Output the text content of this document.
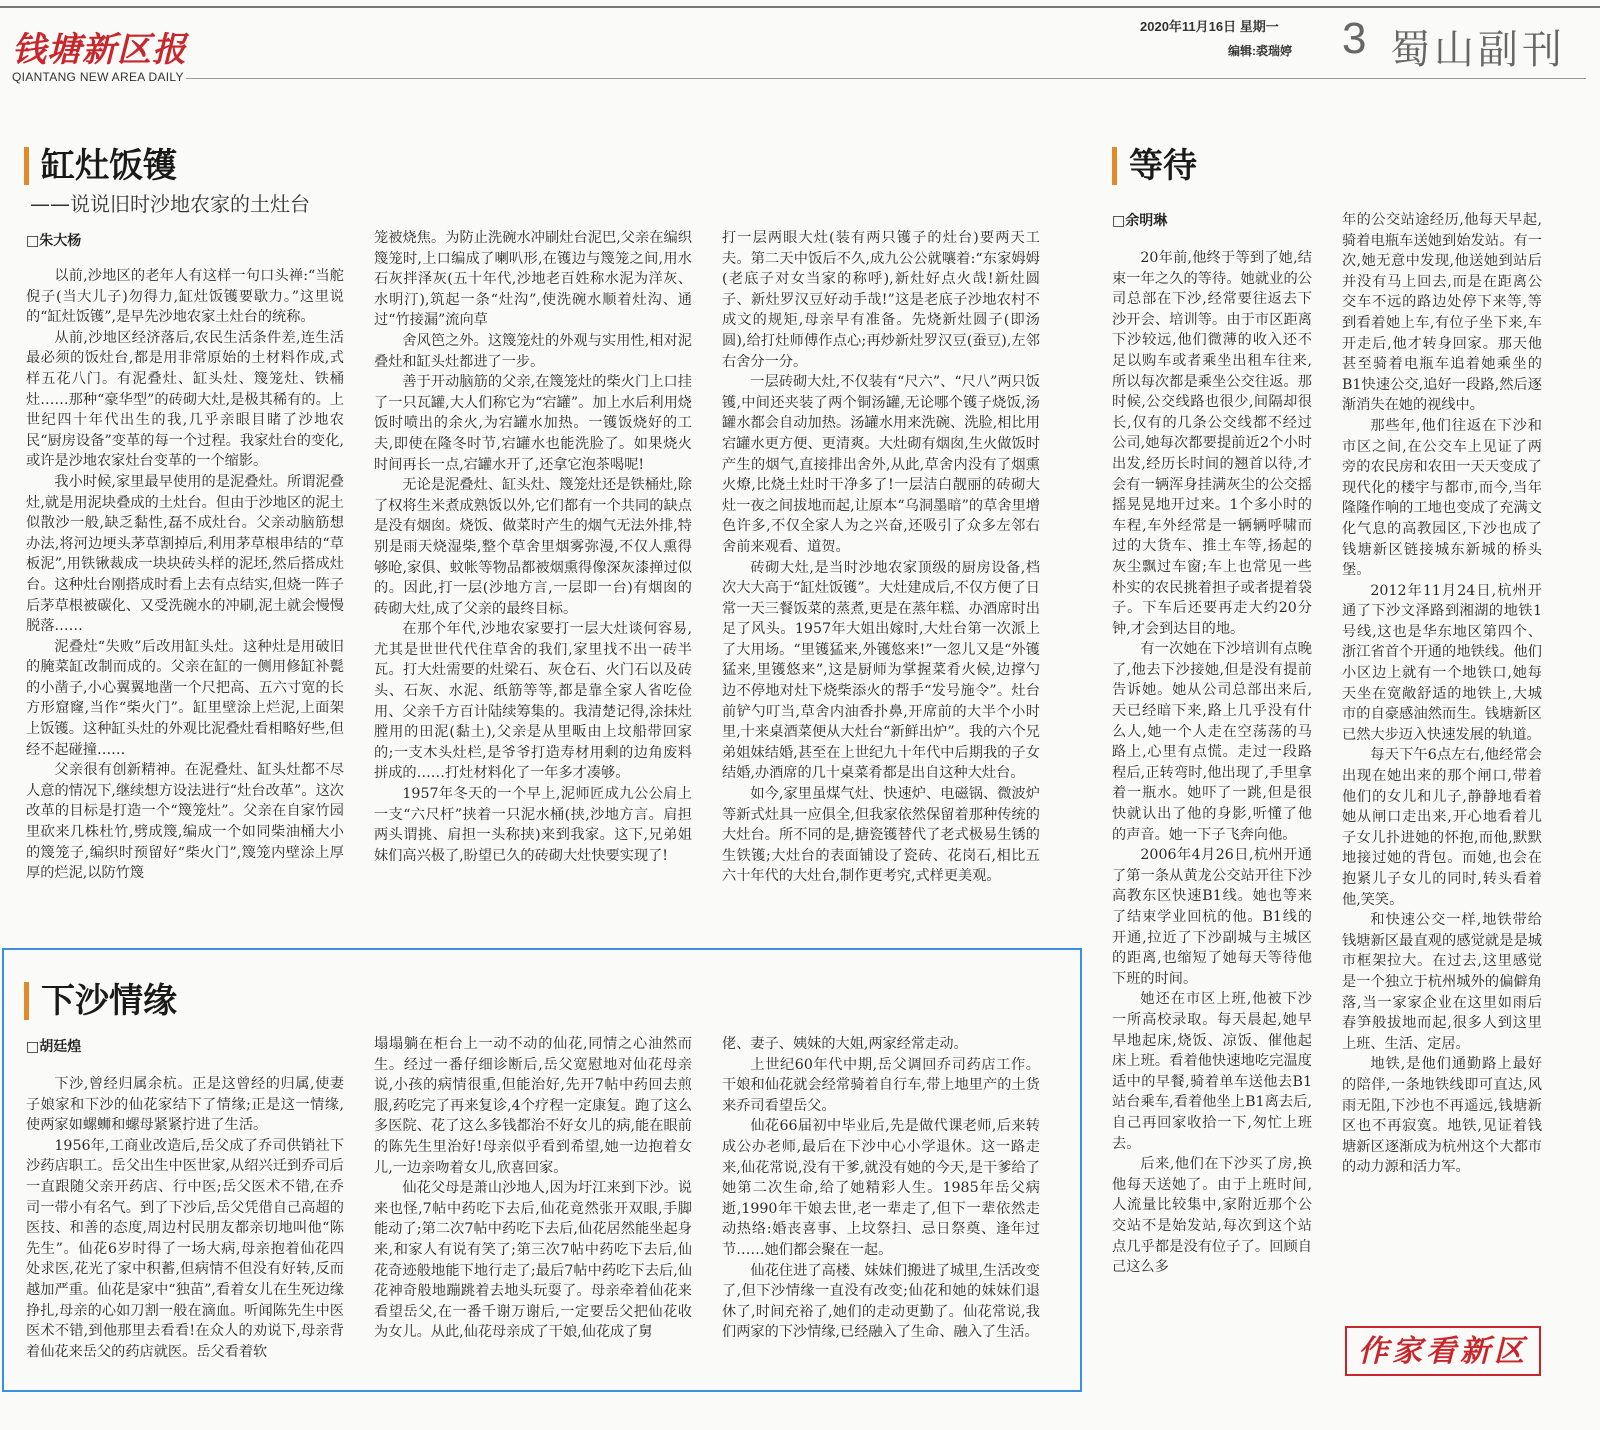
钱塘新区报
QIANTANG NEW AREA DAILY
2020年11月16日 星期一
编辑:裘瑞婷 3 蜀山副刊
缸灶饭镬
——说说旧时沙地农家的土灶台
□朱大杨

以前,沙地区的老年人有这样一句口头禅:“当舵倪子(当大儿子)勿得力,缸灶饭镬要歇力。”这里说的“缸灶饭镬”,是早先沙地农家土灶台的统称。

从前,沙地区经济落后,农民生活条件差,连生活最必须的饭灶台,都是用非常原始的土材料作成,式样五花八门。有泥叠灶、缸头灶、篾笼灶、铁桶灶……那种“豪华型”的砖砌大灶,是极其稀有的。上世纪四十年代出生的我,几乎亲眼目睹了沙地农民“厨房设备”变革的每一个过程。我家灶台的变化,或许是沙地农家灶台变革的一个缩影。

我小时候,家里最早使用的是泥叠灶。所谓泥叠灶,就是用泥块叠成的土灶台。但由于沙地区的泥土似散沙一般,缺乏黏性,磊不成灶台。父亲动脑筋想办法,将河边埂头茅草割掉后,利用茅草根串结的“草板泥”,用铁锹裁成一块块砖头样的泥坯,然后搭成灶台。这种灶台刚搭成时看上去有点结实,但烧一阵子后茅草根被碳化、又受洗碗水的冲刷,泥土就会慢慢脱落……

泥叠灶“失败”后改用缸头灶。这种灶是用破旧的腌菜缸改制而成的。父亲在缸的一侧用修缸补甏的小凿子,小心翼翼地凿一个尺把高、五六寸宽的长方形窟窿,当作“柴火门”。缸里壁涂上烂泥,上面架上饭镬。这种缸头灶的外观比泥叠灶看相略好些,但经不起碰撞……

父亲很有创新精神。在泥叠灶、缸头灶都不尽人意的情况下,继续想方设法进行“灶台改革”。这次改革的目标是打造一个“篾笼灶”。父亲在自家竹园里砍来几株杜竹,劈成篾,编成一个如同柴油桶大小的篾笼子,编织时预留好“柴火门”,篾笼内壁涂上厚厚的烂泥,以防竹篾

笼被烧焦。为防止洗碗水冲刷灶台泥巴,父亲在编织篾笼时,上口编成了喇叭形,在镬边与篾笼之间,用水石灰拌泽灰(五十年代,沙地老百姓称水泥为洋灰、水明汀),筑起一条“灶沟”,使洗碗水顺着灶沟、通过“竹接漏”流向草

舍风笆之外。这篾笼灶的外观与实用性,相对泥叠灶和缸头灶都进了一步。

善于开动脑筋的父亲,在篾笼灶的柴火门上口挂了一只瓦罐,大人们称它为“宕罐”。加上水后利用烧饭时喷出的余火,为宕罐水加热。一镬饭烧好的工夫,即使在隆冬时节,宕罐水也能洗脸了。如果烧火时间再长一点,宕罐水开了,还拿它泡茶喝呢!

无论是泥叠灶、缸头灶、篾笼灶还是铁桶灶,除了权将生米煮成熟饭以外,它们都有一个共同的缺点是没有烟囱。烧饭、做菜时产生的烟气无法外排,特别是雨天烧湿柴,整个草舍里烟雾弥漫,不仅人熏得够呛,家俱、蚊帐等物品都被烟熏得像深灰漆掸过似的。因此,打一层(沙地方言,一层即一台)有烟囱的砖砌大灶,成了父亲的最终目标。

在那个年代,沙地农家要打一层大灶谈何容易,尤其是世世代代住草舍的我们,家里找不出一砖半瓦。打大灶需要的灶梁石、灰仓石、火门石以及砖头、石灰、水泥、纸筋等等,都是靠全家人省吃俭用、父亲千方百计陆续筹集的。我清楚记得,涂抹灶膛用的田泥(黏土),父亲是从里畈由上坟船带回家的;一支木头灶栏,是爷爷打造寿材用剩的边角废料拼成的……打灶材料化了一年多才凑够。

1957年冬天的一个早上,泥师匠成九公公肩上一支“六尺杆”挟着一只泥水桶(挟,沙地方言。肩担两头谓挑、肩担一头称挟)来到我家。这下,兄弟姐妹们高兴极了,盼望已久的砖砌大灶快要实现了!

打一层两眼大灶(装有两只镬子的灶台)要两天工夫。第二天中饭后不久,成九公公就嚷着:“东家姆姆(老底子对女当家的称呼),新灶好点火哉!新灶圆子、新灶罗汉豆好动手哉!”这是老底子沙地农村不成文的规矩,母亲早有准备。先烧新灶圆子(即汤圆),给打灶师傅作点心;再炒新灶罗汉豆(蚕豆),左邻右舍分一分。

一层砖砌大灶,不仅装有“尺六”、“尺八”两只饭镬,中间还夹装了两个铜汤罐,无论哪个镬子烧饭,汤罐水都会自动加热。汤罐水用来洗碗、洗脸,相比用宕罐水更方便、更清爽。大灶砌有烟囱,生火做饭时产生的烟气,直接排出舍外,从此,草舍内没有了烟熏火燎,比烧土灶时干净多了!一层洁白靓丽的砖砌大灶一夜之间拔地而起,让原本“乌洞墨暗”的草舍里增色许多,不仅全家人为之兴奋,还吸引了众多左邻右舍前来观看、道贺。

砖砌大灶,是当时沙地农家顶级的厨房设备,档次大大高于“缸灶饭镬”。大灶建成后,不仅方便了日常一天三餐饭菜的蒸煮,更是在蒸年糕、办酒席时出足了风头。1957年大姐出嫁时,大灶台第一次派上了大用场。“里镬猛来,外镬悠来!”一忽儿又是“外镬猛来,里镬悠来”,这是厨师为掌握菜肴火候,边撑勺边不停地对灶下烧柴添火的帮手“发号施令”。灶台前铲勺叮当,草舍内油香扑鼻,开席前的大半个小时里,十来桌酒菜便从大灶台“新鲜出炉”。我的六个兄弟姐妹结婚,甚至在上世纪九十年代中后期我的子女结婚,办酒席的几十桌菜肴都是出自这种大灶台。

如今,家里虽煤气灶、快速炉、电磁锅、微波炉等新式灶具一应俱全,但我家依然保留着那种传统的大灶台。所不同的是,搪瓷镬替代了老式极易生锈的生铁镬;大灶台的表面铺设了瓷砖、花岗石,相比五六十年代的大灶台,制作更考究,式样更美观。

下沙情缘
□胡廷煌

下沙,曾经归属余杭。正是这曾经的归属,使妻子娘家和下沙的仙花家结下了情缘;正是这一情缘,使两家如螺蛳和螺母紧紧拧进了生活。

1956年,工商业改造后,岳父成了乔司供销社下沙药店职工。岳父出生中医世家,从绍兴迁到乔司后一直跟随父亲开药店、行中医;岳父医术不错,在乔司一带小有名气。到了下沙后,岳父凭借自己高超的医技、和善的态度,周边村民朋友都亲切地叫他“陈先生”。仙花6岁时得了一场大病,母亲抱着仙花四处求医,花光了家中积蓄,但病情不但没有好转,反而越加严重。仙花是家中“独苗”,看着女儿在生死边缘挣扎,母亲的心如刀割一般在滴血。听闻陈先生中医医术不错,到他那里去看看!在众人的劝说下,母亲背着仙花来岳父的药店就医。岳父看着软

塌塌躺在柜台上一动不动的仙花,同情之心油然而生。经过一番仔细诊断后,岳父宽慰地对仙花母亲说,小孩的病情很重,但能治好,先开7帖中药回去煎服,药吃完了再来复诊,4个疗程一定康复。跑了这么多医院、花了这么多钱都治不好女儿的病,能在眼前的陈先生里治好!母亲似乎看到希望,她一边抱着女儿,一边亲吻着女儿,欣喜回家。

仙花父母是萧山沙地人,因为圩江来到下沙。说来也怪,7帖中药吃下去后,仙花竟然张开双眼,手脚能动了;第二次7帖中药吃下去后,仙花居然能坐起身来,和家人有说有笑了;第三次7帖中药吃下去后,仙花奇迹般地能下地行走了;最后7帖中药吃下去后,仙花神奇般地蹦跳着去地头玩耍了。母亲牵着仙花来看望岳父,在一番千谢万谢后,一定要岳父把仙花收为女儿。从此,仙花母亲成了干娘,仙花成了舅

佬、妻子、姨妹的大姐,两家经常走动。

上世纪60年代中期,岳父调回乔司药店工作。干娘和仙花就会经常骑着自行车,带上地里产的土货来乔司看望岳父。

仙花66届初中毕业后,先是做代课老师,后来转成公办老师,最后在下沙中心小学退休。这一路走来,仙花常说,没有干爹,就没有她的今天,是干爹给了她第二次生命,给了她精彩人生。1985年岳父病逝,1990年干娘去世,老一辈走了,但下一辈依然走动热络:婚丧喜事、上坟祭扫、忌日祭奠、逢年过节……她们都会聚在一起。

仙花住进了高楼、妹妹们搬进了城里,生活改变了,但下沙情缘一直没有改变;仙花和她的妹妹们退休了,时间充裕了,她们的走动更勤了。仙花常说,我们两家的下沙情缘,已经融入了生命、融入了生活。

等待
□余明琳

20年前,他终于等到了她,结束一年之久的等待。她就业的公司总部在下沙,经常要往返去下沙开会、培训等。由于市区距离下沙较远,他们微薄的收入还不足以购车或者乘坐出租车往来,所以每次都是乘坐公交往返。那时候,公交线路也很少,间隔却很长,仅有的几条公交线都不经过公司,她每次都要提前近2个小时出发,经历长时间的翘首以待,才会有一辆浑身挂满灰尘的公交摇摇晃晃地开过来。1个多小时的车程,车外经常是一辆辆呼啸而过的大货车、推土车等,扬起的灰尘飘过车窗;车上也常见一些朴实的农民挑着担子或者提着袋子。下车后还要再走大约20分钟,才会到达目的地。

有一次她在下沙培训有点晚了,他去下沙接她,但是没有提前告诉她。她从公司总部出来后,天已经暗下来,路上几乎没有什么人,她一个人走在空荡荡的马路上,心里有点慌。走过一段路程后,正转弯时,他出现了,手里拿着一瓶水。她吓了一跳,但是很快就认出了他的身影,听懂了他的声音。她一下子飞奔向他。

2006年4月26日,杭州开通了第一条从黄龙公交站开往下沙高教东区快速B1线。她也等来了结束学业回杭的他。B1线的开通,拉近了下沙副城与主城区的距离,也缩短了她每天等待他下班的时间。

她还在市区上班,他被下沙一所高校录取。每天晨起,她早早地起床,烧饭、凉饭、催他起床上班。看着他快速地吃完温度适中的早餐,骑着单车送他去B1站台乘车,看着他坐上B1离去后,自己再回家收拾一下,匆忙上班去。

后来,他们在下沙买了房,换他每天送她了。由于上班时间,人流量比较集中,家附近那个公交站不是始发站,每次到这个站点几乎都是没有位子了。回顾自己这么多

年的公交站途经历,他每天早起,骑着电瓶车送她到始发站。有一次,她无意中发现,他送她到站后并没有马上回去,而是在距离公交车不远的路边处停下来等,等到看着她上车,有位子坐下来,车开走后,他才转身回家。那天他甚至骑着电瓶车追着她乘坐的B1快速公交,追好一段路,然后逐渐消失在她的视线中。

那些年,他们往返在下沙和市区之间,在公交车上见证了两旁的农民房和农田一天天变成了现代化的楼宇与都市,而今,当年隆隆作响的工地也变成了充满文化气息的高教园区,下沙也成了钱塘新区链接城东新城的桥头堡。

2012年11月24日,杭州开通了下沙文泽路到湘湖的地铁1号线,这也是华东地区第四个、浙江省首个开通的地铁线。他们小区边上就有一个地铁口,她每天坐在宽敞舒适的地铁上,大城市的自豪感油然而生。钱塘新区已然大步迈入快速发展的轨道。

每天下午6点左右,他经常会出现在她出来的那个闸口,带着他们的女儿和儿子,静静地看着她从闸口走出来,开心地看着儿子女儿扑进她的怀抱,而他,默默地接过她的背包。而她,也会在抱紧儿子女儿的同时,转头看着他,笑笑。

和快速公交一样,地铁带给钱塘新区最直观的感觉就是是城市框架拉大。在过去,这里感觉是一个独立于杭州城外的偏僻角落,当一家家企业在这里如雨后春笋般拔地而起,很多人到这里上班、生活、定居。

地铁,是他们通勤路上最好的陪伴,一条地铁线即可直达,风雨无阻,下沙也不再遥远,钱塘新区也不再寂寞。地铁,见证着钱塘新区逐渐成为杭州这个大都市的动力源和活力军。

作家看新区
